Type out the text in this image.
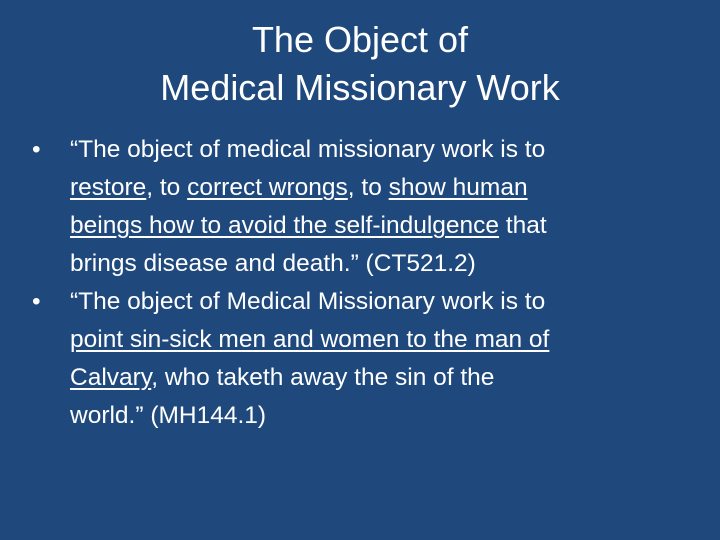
The Object of
Medical Missionary Work
•	“The object of medical missionary work is to
restore, to correct wrongs, to show human
beings how to avoid the self-indulgence that
brings disease and death.” (CT521.2)
•	“The object of Medical Missionary work is to
point sin-sick men and women to the man of
Calvary, who taketh away the sin of the
world.” (MH144.1)
